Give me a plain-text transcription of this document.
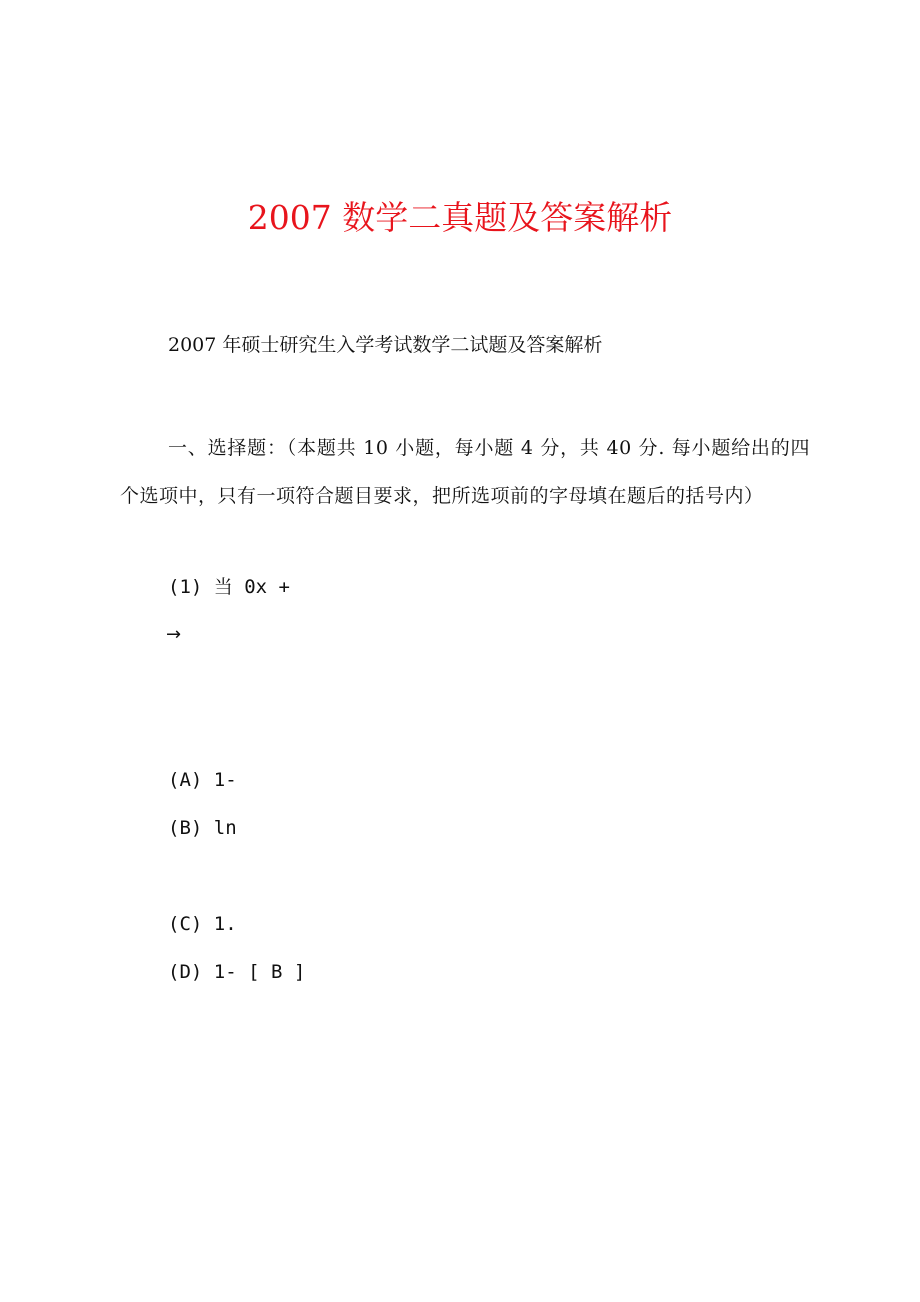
2007 数学二真题及答案解析

2007 年硕士研究生入学考试数学二试题及答案解析

一、选择题：（本题共 10 小题，每小题 4 分，共 40 分. 每小题给出的四个选项中，只有一项符合题目要求，把所选项前的字母填在题后的括号内）

(1) 当 0x +

→

(A) 1-

(B) ln

(C) 1.

(D) 1- [ B ]
